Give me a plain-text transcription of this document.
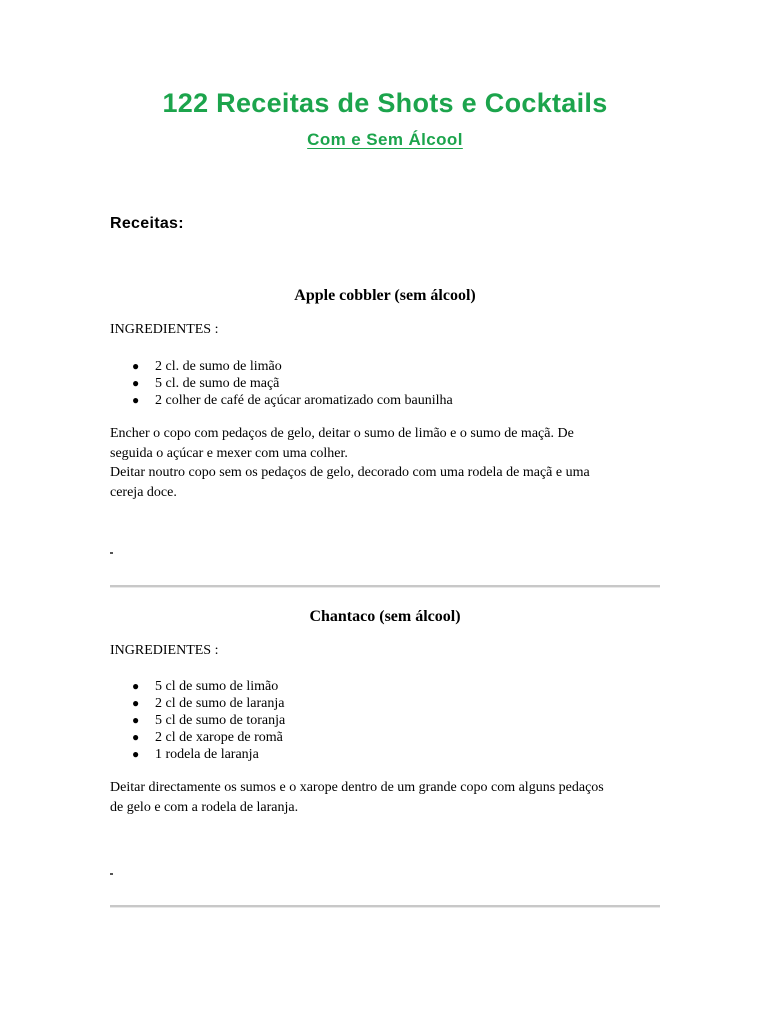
122 Receitas de Shots e Cocktails
Com e Sem Álcool
Receitas:
Apple cobbler (sem álcool)

INGREDIENTES :

● 2 cl. de sumo de limão
● 5 cl. de sumo de maçã
● 2 colher de café de açúcar aromatizado com baunilha

Encher o copo com pedaços de gelo, deitar o sumo de limão e o sumo de maçã. De
seguida o açúcar e mexer com uma colher.
Deitar noutro copo sem os pedaços de gelo, decorado com uma rodela de maçã e uma
cereja doce.

Chantaco (sem álcool)

INGREDIENTES :

● 5 cl de sumo de limão
● 2 cl de sumo de laranja
● 5 cl de sumo de toranja
● 2 cl de xarope de romã
● 1 rodela de laranja

Deitar directamente os sumos e o xarope dentro de um grande copo com alguns pedaços
de gelo e com a rodela de laranja.
